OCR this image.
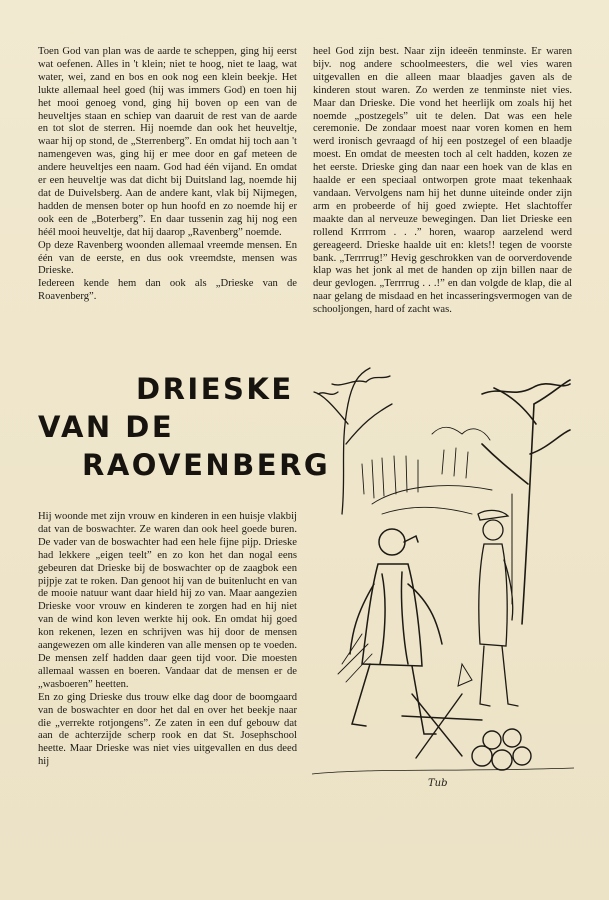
Toen God van plan was de aarde te scheppen, ging hij eerst wat oefenen. Alles in 't klein; niet te hoog, niet te laag, wat water, wei, zand en bos en ook nog een klein beekje. Het lukte allemaal heel goed (hij was immers God) en toen hij het mooi genoeg vond, ging hij boven op een van de heuveltjes staan en schiep van daaruit de rest van de aarde en tot slot de sterren. Hij noemde dan ook het heuveltje, waar hij op stond, de „Sterrenberg”. En omdat hij toch aan 't namengeven was, ging hij er mee door en gaf meteen de andere heuveltjes een naam. God had één vijand. En omdat er een heuveltje was dat dicht bij Duitsland lag, noemde hij dat de Duivelsberg. Aan de andere kant, vlak bij Nijmegen, hadden de mensen boter op hun hoofd en zo noemde hij er ook een de „Boterberg”. En daar tussenin zag hij nog een héél mooi heuveltje, dat hij daarop „Ravenberg” noemde.

Op deze Ravenberg woonden allemaal vreemde mensen. En één van de eerste, en dus ook vreemdste, mensen was Drieske.

Iedereen kende hem dan ook als „Drieske van de Roavenberg”.

heel God zijn best. Naar zijn ideeën tenminste. Er waren bijv. nog andere schoolmeesters, die wel vies waren uitgevallen en die alleen maar blaadjes gaven als de kinderen stout waren. Zo werden ze tenminste niet vies. Maar dan Drieske. Die vond het heerlijk om zoals hij het noemde „postzegels” uit te delen. Dat was een hele ceremonie. De zondaar moest naar voren komen en hem werd ironisch gevraagd of hij een postzegel of een blaadje moest. En omdat de meesten toch al celt hadden, kozen ze het eerste. Drieske ging dan naar een hoek van de klas en haalde er een speciaal ontworpen grote maat tekenhaak vandaan. Vervolgens nam hij het dunne uiteinde onder zijn arm en probeerde of hij goed zwiepte. Het slachtoffer maakte dan al nerveuze bewegingen. Dan liet Drieske een rollend Krrrrom . . .” horen, waarop aarzelend werd gereageerd. Drieske haalde uit en: klets!! tegen de voorste bank. „Terrrrug!” Hevig geschrokken van de oorverdovende klap was het jonk al met de handen op zijn billen naar de deur gevlogen. „Terrrrug . . .!” en dan volgde de klap, die al naar gelang de misdaad en het incasseringsvermogen van de schooljongen, hard of zacht was.

DRIESKE
VAN DE
RAOVENBERG

Hij woonde met zijn vrouw en kinderen in een huisje vlakbij dat van de boswachter. Ze waren dan ook heel goede buren. De vader van de boswachter had een hele fijne pijp. Drieske had lekkere „eigen teelt” en zo kon het dan nogal eens gebeuren dat Drieske bij de boswachter op de zaagbok een pijpje zat te roken. Dan genoot hij van de buitenlucht en van de mooie natuur want daar hield hij zo van. Maar aangezien Drieske voor vrouw en kinderen te zorgen had en hij niet van de wind kon leven werkte hij ook. En omdat hij goed kon rekenen, lezen en schrijven was hij door de mensen aangewezen om alle kinderen van alle mensen op te voeden. De mensen zelf hadden daar geen tijd voor. Die moesten allemaal wassen en boeren. Vandaar dat de mensen er de „wasboeren” heetten.

En zo ging Drieske dus trouw elke dag door de boomgaard van de boswachter en door het dal en over het beekje naar die „verrekte rotjongens”. Ze zaten in een duf gebouw dat aan de achterzijde scherp rook en dat St. Josephschool heette. Maar Drieske was niet vies uitgevallen en dus deed hij

Tub
